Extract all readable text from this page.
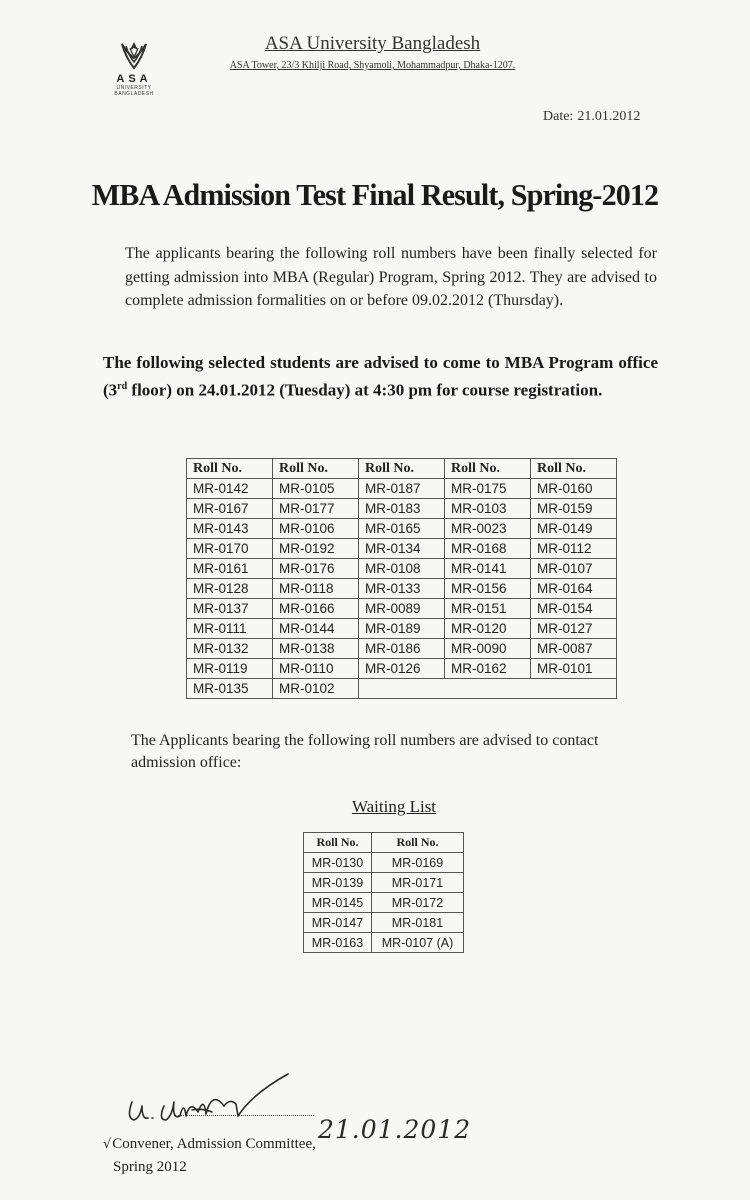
ASA
UNIVERSITY
BANGLADESH
ASA University Bangladesh
ASA Tower, 23/3 Khilji Road, Shyamoli, Mohammadpur, Dhaka-1207.
Date: 21.01.2012
MBA Admission Test Final Result, Spring-2012
The applicants bearing the following roll numbers have been finally selected for getting admission into MBA (Regular) Program, Spring 2012. They are advised to complete admission formalities on or before 09.02.2012 (Thursday).
The following selected students are advised to come to MBA Program office (3rd floor) on 24.01.2012 (Tuesday) at 4:30 pm for course registration.
Roll No.	Roll No.	Roll No.	Roll No.	Roll No.
MR-0142	MR-0105	MR-0187	MR-0175	MR-0160
MR-0167	MR-0177	MR-0183	MR-0103	MR-0159
MR-0143	MR-0106	MR-0165	MR-0023	MR-0149
MR-0170	MR-0192	MR-0134	MR-0168	MR-0112
MR-0161	MR-0176	MR-0108	MR-0141	MR-0107
MR-0128	MR-0118	MR-0133	MR-0156	MR-0164
MR-0137	MR-0166	MR-0089	MR-0151	MR-0154
MR-0111	MR-0144	MR-0189	MR-0120	MR-0127
MR-0132	MR-0138	MR-0186	MR-0090	MR-0087
MR-0119	MR-0110	MR-0126	MR-0162	MR-0101
MR-0135	MR-0102			
The Applicants bearing the following roll numbers are advised to contact admission office:
Waiting List
Roll No.	Roll No.
MR-0130	MR-0169
MR-0139	MR-0171
MR-0145	MR-0172
MR-0147	MR-0181
MR-0163	MR-0107 (A)
21.01.2012
√Convener, Admission Committee,
Spring 2012
